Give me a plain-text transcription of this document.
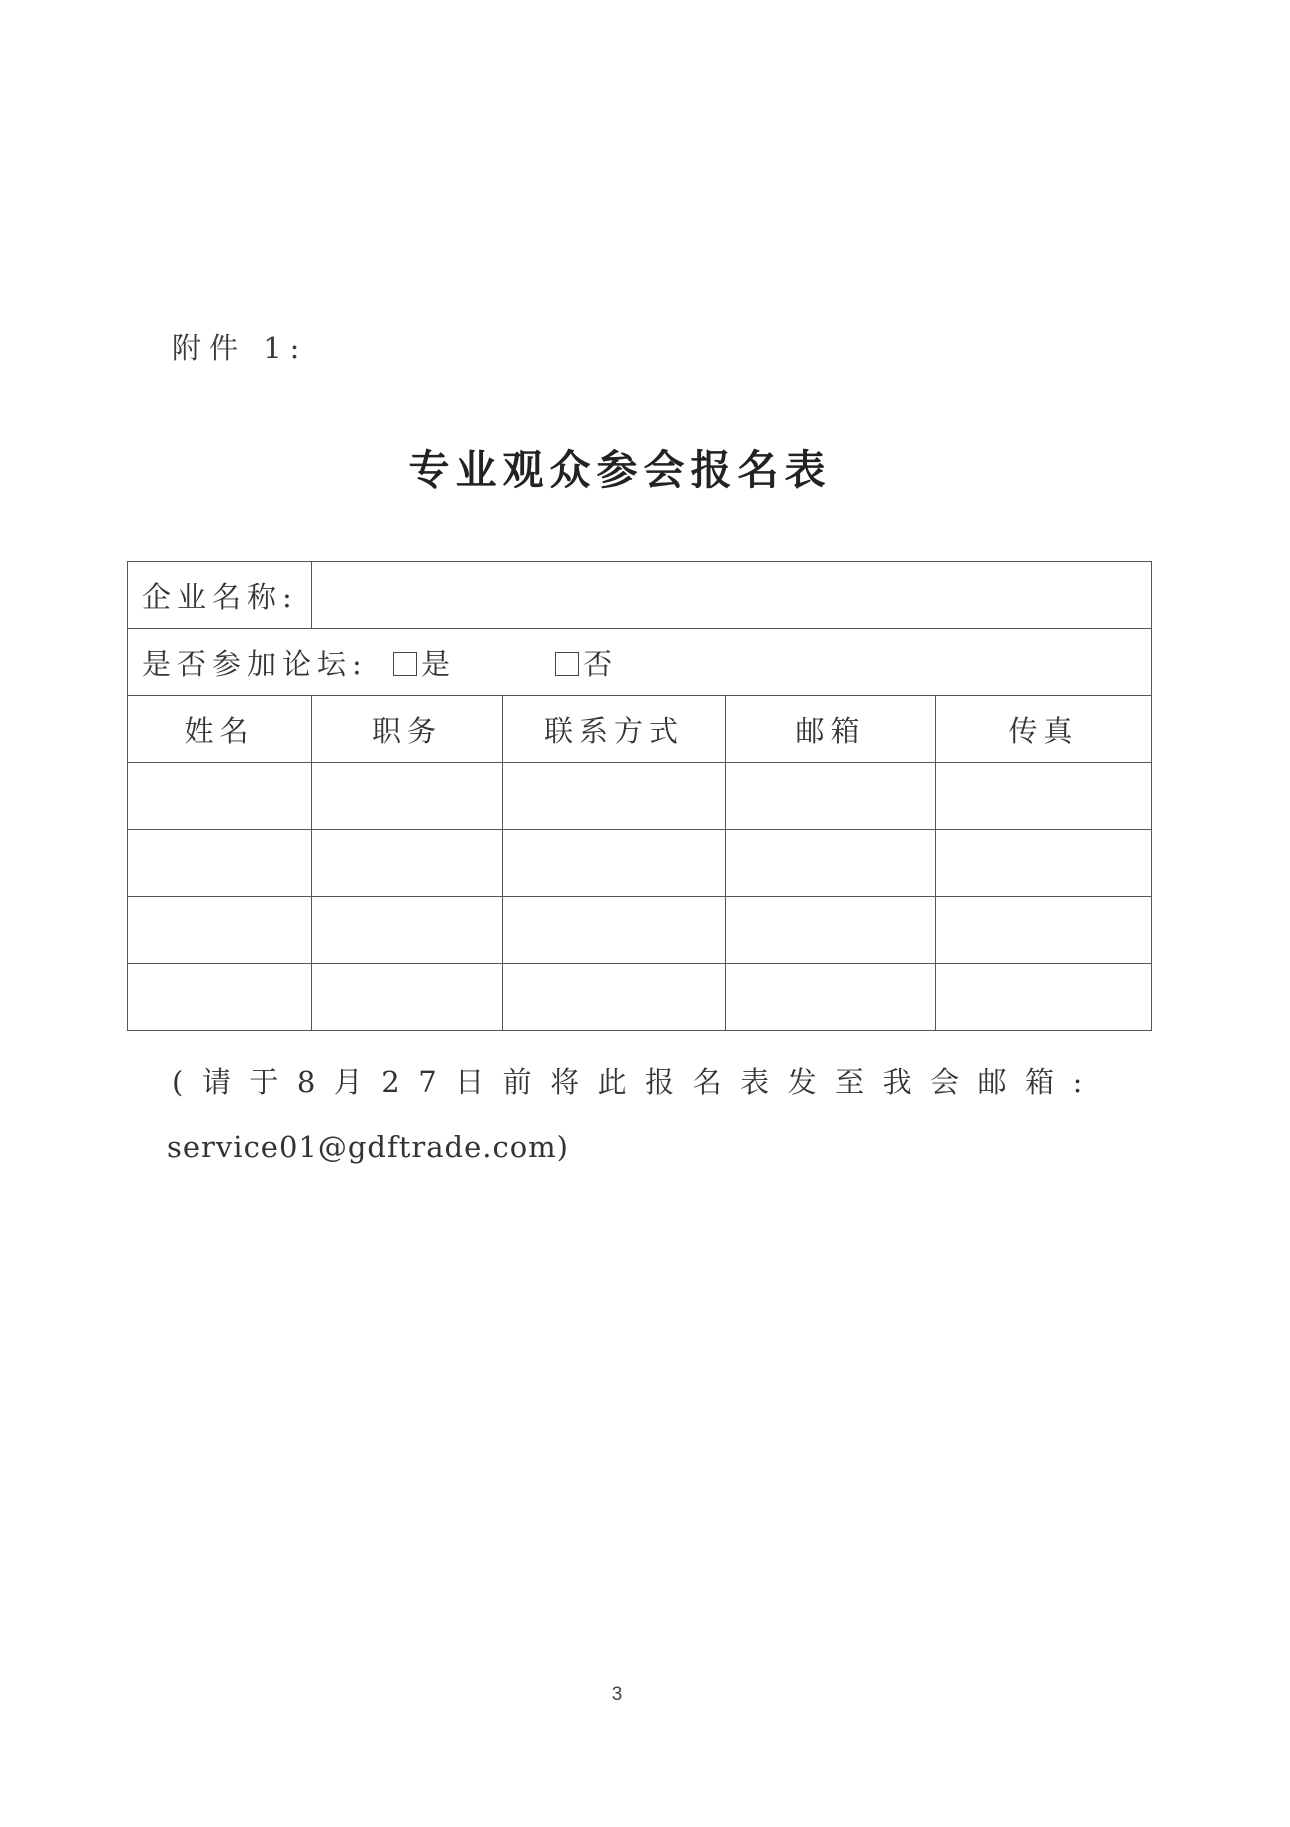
附件 1:
专业观众参会报名表
企业名称:				
是否参加论坛: 是 否				
姓名	职务	联系方式	邮箱	传真

(请于8月27日前将此报名表发至我会邮箱:
service01@gdftrade.com)
3
